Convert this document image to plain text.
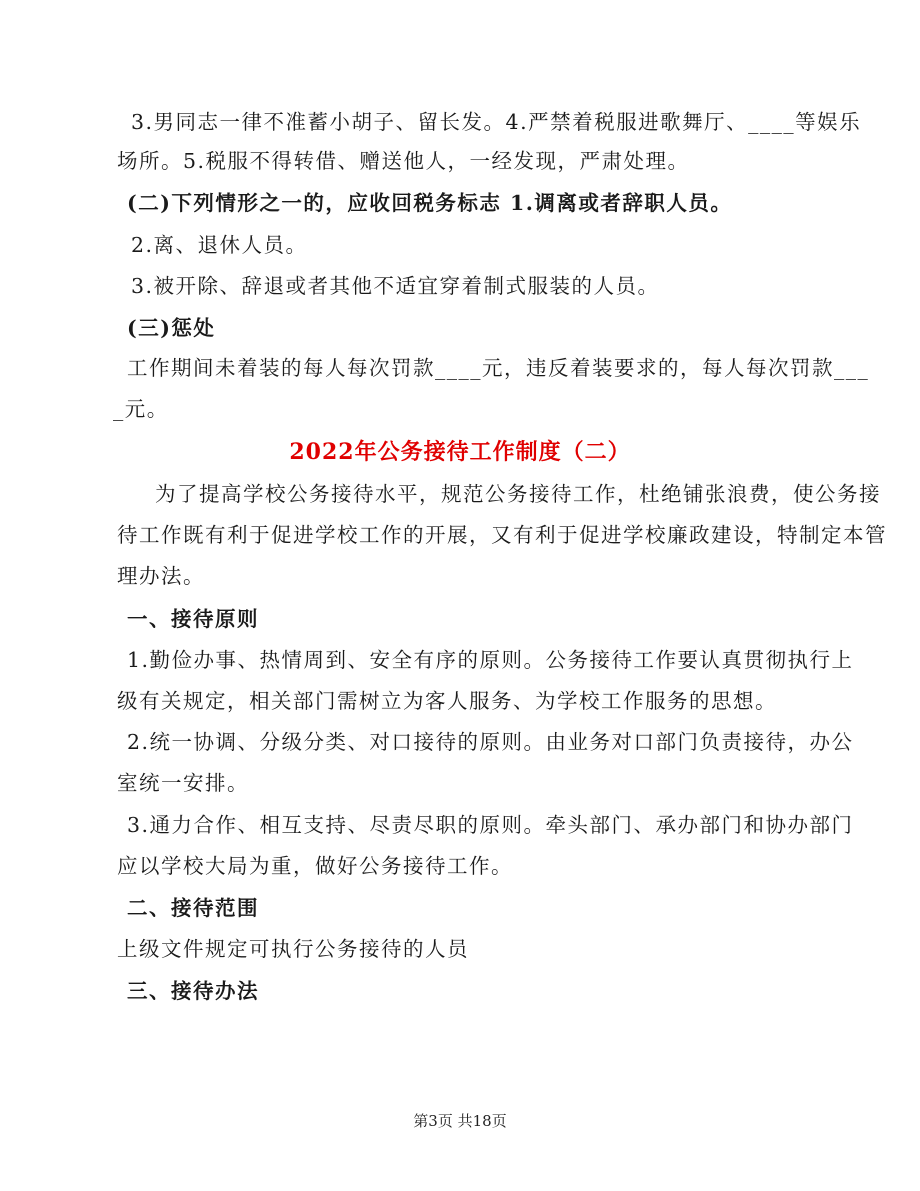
3.男同志一律不准蓄小胡子、留长发。4.严禁着税服进歌舞厅、____等娱乐
场所。5.税服不得转借、赠送他人，一经发现，严肃处理。
(二)下列情形之一的，应收回税务标志 1.调离或者辞职人员。
2.离、退休人员。
3.被开除、辞退或者其他不适宜穿着制式服装的人员。
(三)惩处
工作期间未着装的每人每次罚款____元，违反着装要求的，每人每次罚款___
_元。
2022年公务接待工作制度（二）
为了提高学校公务接待水平，规范公务接待工作，杜绝铺张浪费，使公务接
待工作既有利于促进学校工作的开展，又有利于促进学校廉政建设，特制定本管
理办法。
一、接待原则
1.勤俭办事、热情周到、安全有序的原则。公务接待工作要认真贯彻执行上
级有关规定，相关部门需树立为客人服务、为学校工作服务的思想。
2.统一协调、分级分类、对口接待的原则。由业务对口部门负责接待，办公
室统一安排。
3.通力合作、相互支持、尽责尽职的原则。牵头部门、承办部门和协办部门
应以学校大局为重，做好公务接待工作。
二、接待范围
上级文件规定可执行公务接待的人员
三、接待办法
第3页 共18页
